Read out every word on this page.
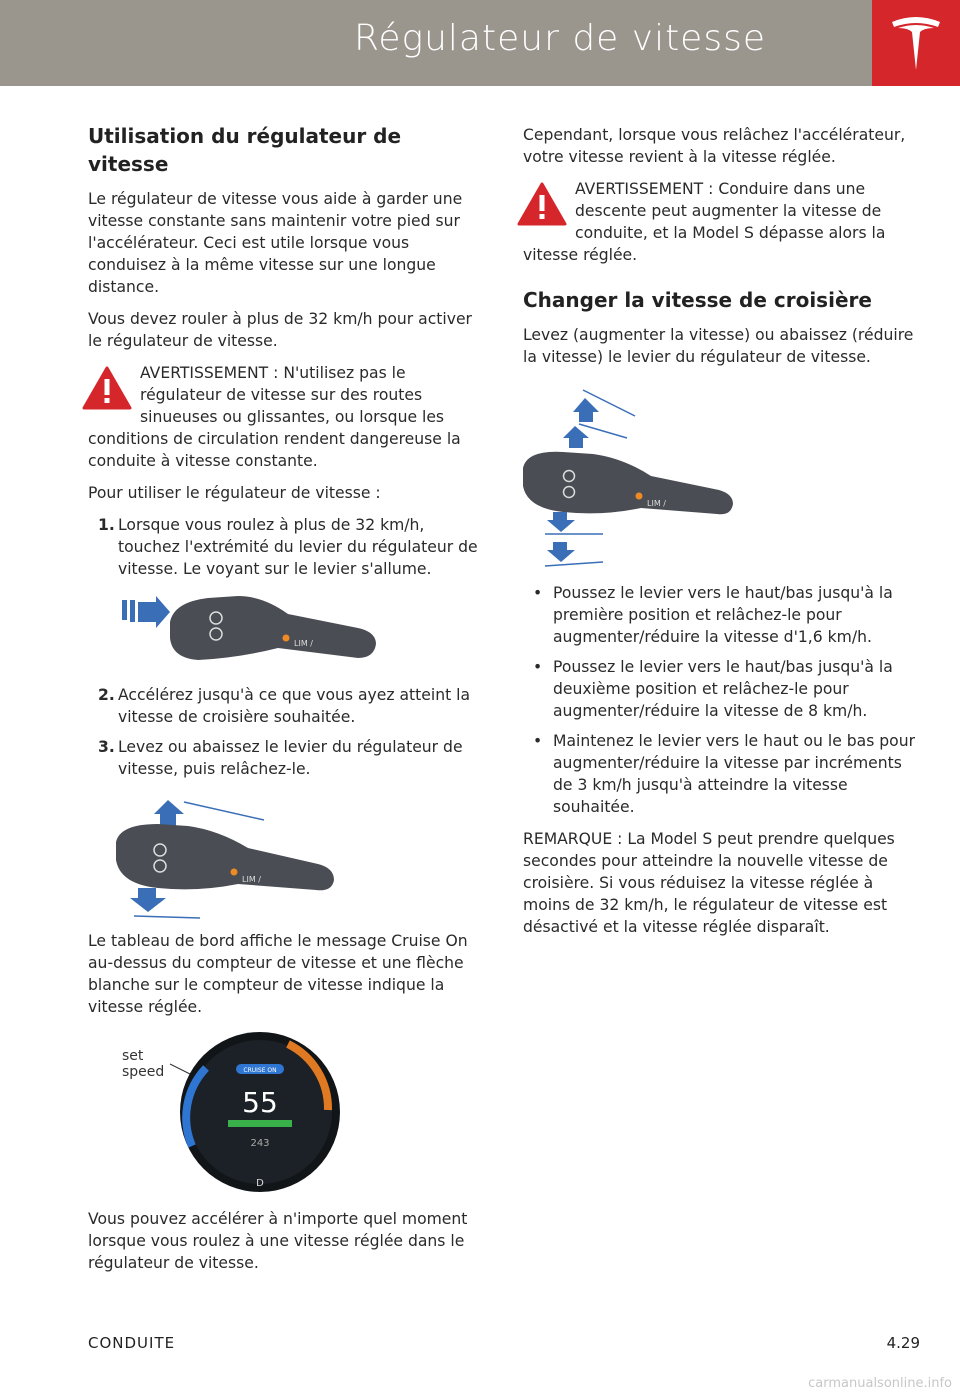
Régulateur de vitesse
Utilisation du régulateur de vitesse

Le régulateur de vitesse vous aide à garder une vitesse constante sans maintenir votre pied sur l'accélérateur. Ceci est utile lorsque vous conduisez à la même vitesse sur une longue distance.

Vous devez rouler à plus de 32 km/h pour activer le régulateur de vitesse.

AVERTISSEMENT : N'utilisez pas le régulateur de vitesse sur des routes sinueuses ou glissantes, ou lorsque les conditions de circulation rendent dangereuse la conduite à vitesse constante.

Pour utiliser le régulateur de vitesse :

1. Lorsque vous roulez à plus de 32 km/h, touchez l'extrémité du levier du régulateur de vitesse. Le voyant sur le levier s'allume.
LIM /
2. Accélérez jusqu'à ce que vous ayez atteint la vitesse de croisière souhaitée.
3. Levez ou abaissez le levier du régulateur de vitesse, puis relâchez-le.
LIM /

Le tableau de bord affiche le message Cruise On au-dessus du compteur de vitesse et une flèche blanche sur le compteur de vitesse indique la vitesse réglée.

set
speed	CRUISE ON
55
243
D

Vous pouvez accélérer à n'importe quel moment lorsque vous roulez à une vitesse réglée dans le régulateur de vitesse.

Cependant, lorsque vous relâchez l'accélérateur, votre vitesse revient à la vitesse réglée.

AVERTISSEMENT : Conduire dans une descente peut augmenter la vitesse de conduite, et la Model S dépasse alors la vitesse réglée.
Changer la vitesse de croisière

Levez (augmenter la vitesse) ou abaissez (réduire la vitesse) le levier du régulateur de vitesse.

LIM /
• Poussez le levier vers le haut/bas jusqu'à la première position et relâchez-le pour augmenter/réduire la vitesse d'1,6 km/h.
• Poussez le levier vers le haut/bas jusqu'à la deuxième position et relâchez-le pour augmenter/réduire la vitesse de 8 km/h.
• Maintenez le levier vers le haut ou le bas pour augmenter/réduire la vitesse par incréments de 3 km/h jusqu'à atteindre la vitesse souhaitée.

REMARQUE : La Model S peut prendre quelques secondes pour atteindre la nouvelle vitesse de croisière. Si vous réduisez la vitesse réglée à moins de 32 km/h, le régulateur de vitesse est désactivé et la vitesse réglée disparaît.

CONDUITE	4.29
carmanualsonline.info
